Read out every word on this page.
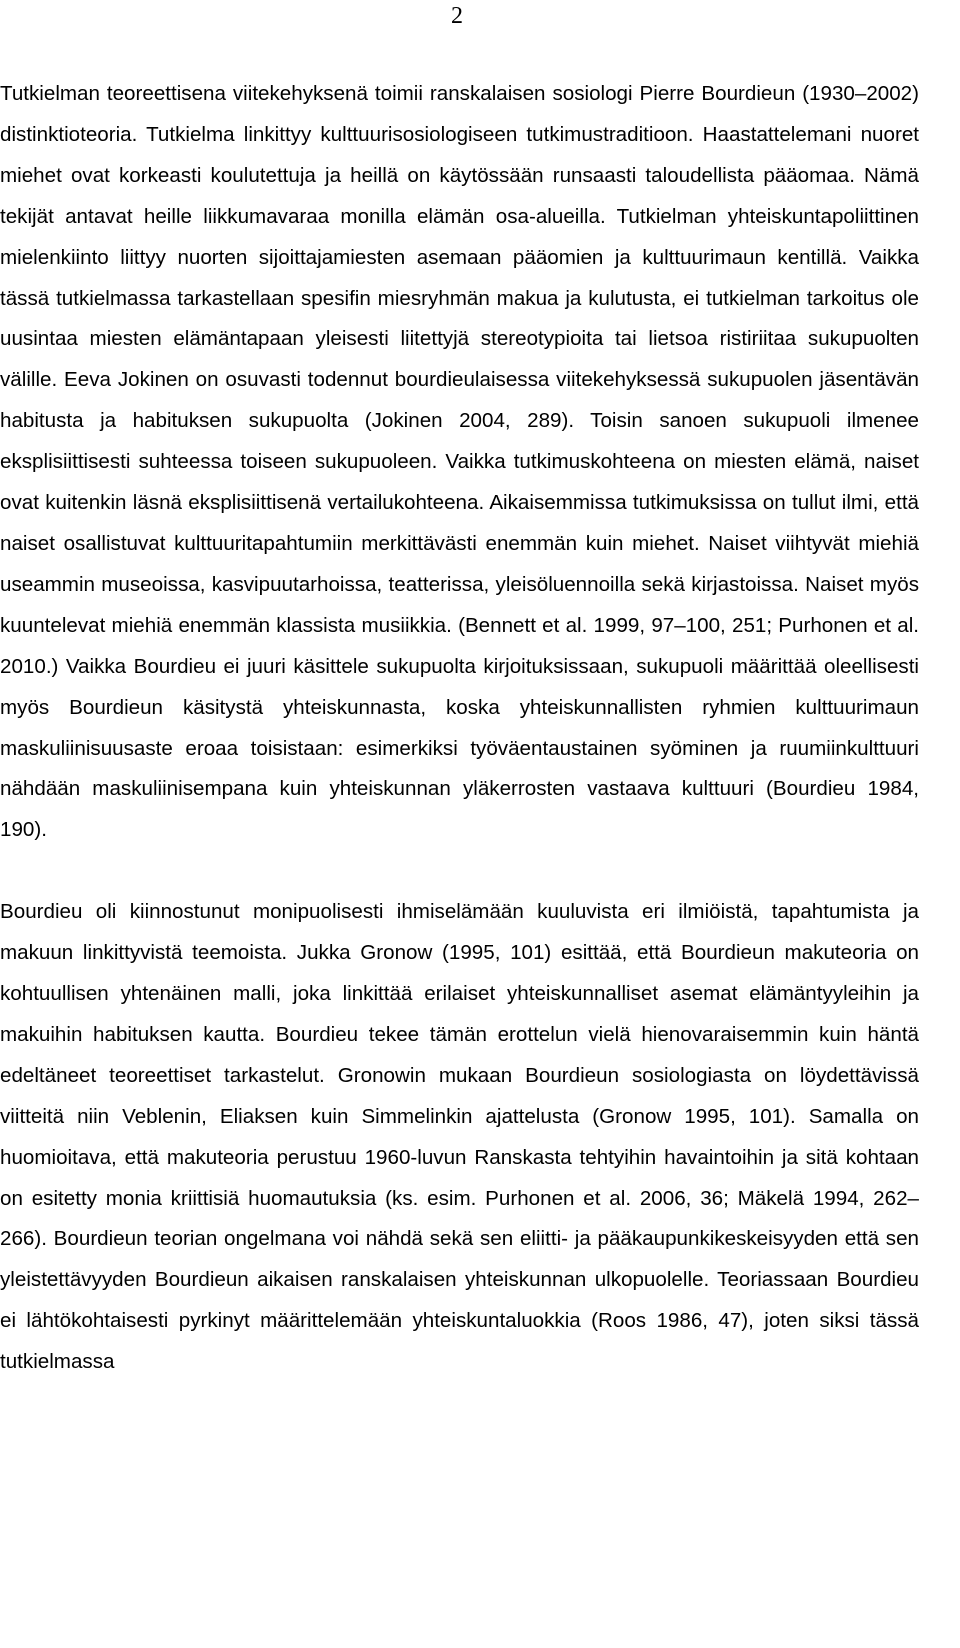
2

Tutkielman teoreettisena viitekehyksenä toimii ranskalaisen sosiologi Pierre Bourdieun (1930–2002) distinktioteoria. Tutkielma linkittyy kulttuurisosiologiseen tutkimustraditioon. Haastattelemani nuoret miehet ovat korkeasti koulutettuja ja heillä on käytössään runsaasti taloudellista pääomaa. Nämä tekijät antavat heille liikkumavaraa monilla elämän osa-alueilla. Tutkielman yhteiskuntapoliittinen mielenkiinto liittyy nuorten sijoittajamiesten asemaan pääomien ja kulttuurimaun kentillä. Vaikka tässä tutkielmassa tarkastellaan spesifin miesryhmän makua ja kulutusta, ei tutkielman tarkoitus ole uusintaa miesten elämäntapaan yleisesti liitettyjä stereotypioita tai lietsoa ristiriitaa sukupuolten välille. Eeva Jokinen on osuvasti todennut bourdieulaisessa viitekehyksessä sukupuolen jäsentävän habitusta ja habituksen sukupuolta (Jokinen 2004, 289). Toisin sanoen sukupuoli ilmenee eksplisiittisesti suhteessa toiseen sukupuoleen. Vaikka tutkimuskohteena on miesten elämä, naiset ovat kuitenkin läsnä eksplisiittisenä vertailukohteena. Aikaisemmissa tutkimuksissa on tullut ilmi, että naiset osallistuvat kulttuuritapahtumiin merkittävästi enemmän kuin miehet. Naiset viihtyvät miehiä useammin museoissa, kasvipuutarhoissa, teatterissa, yleisöluennoilla sekä kirjastoissa. Naiset myös kuuntelevat miehiä enemmän klassista musiikkia. (Bennett et al. 1999, 97–100, 251; Purhonen et al. 2010.) Vaikka Bourdieu ei juuri käsittele sukupuolta kirjoituksissaan, sukupuoli määrittää oleellisesti myös Bourdieun käsitystä yhteiskunnasta, koska yhteiskunnallisten ryhmien kulttuurimaun maskuliinisuusaste eroaa toisistaan: esimerkiksi työväentaustainen syöminen ja ruumiinkulttuuri nähdään maskuliinisempana kuin yhteiskunnan yläkerrosten vastaava kulttuuri (Bourdieu 1984, 190).

Bourdieu oli kiinnostunut monipuolisesti ihmiselämään kuuluvista eri ilmiöistä, tapahtumista ja makuun linkittyvistä teemoista. Jukka Gronow (1995, 101) esittää, että Bourdieun makuteoria on kohtuullisen yhtenäinen malli, joka linkittää erilaiset yhteiskunnalliset asemat elämäntyyleihin ja makuihin habituksen kautta. Bourdieu tekee tämän erottelun vielä hienovaraisemmin kuin häntä edeltäneet teoreettiset tarkastelut. Gronowin mukaan Bourdieun sosiologiasta on löydettävissä viitteitä niin Veblenin, Eliaksen kuin Simmelinkin ajattelusta (Gronow 1995, 101). Samalla on huomioitava, että makuteoria perustuu 1960-luvun Ranskasta tehtyihin havaintoihin ja sitä kohtaan on esitetty monia kriittisiä huomautuksia (ks. esim. Purhonen et al. 2006, 36; Mäkelä 1994, 262–266). Bourdieun teorian ongelmana voi nähdä sekä sen eliitti- ja pääkaupunkikeskeisyyden että sen yleistettävyyden Bourdieun aikaisen ranskalaisen yhteiskunnan ulkopuolelle. Teoriassaan Bourdieu ei lähtökohtaisesti pyrkinyt määrittelemään yhteiskuntaluokkia (Roos 1986, 47), joten siksi tässä tutkielmassa
